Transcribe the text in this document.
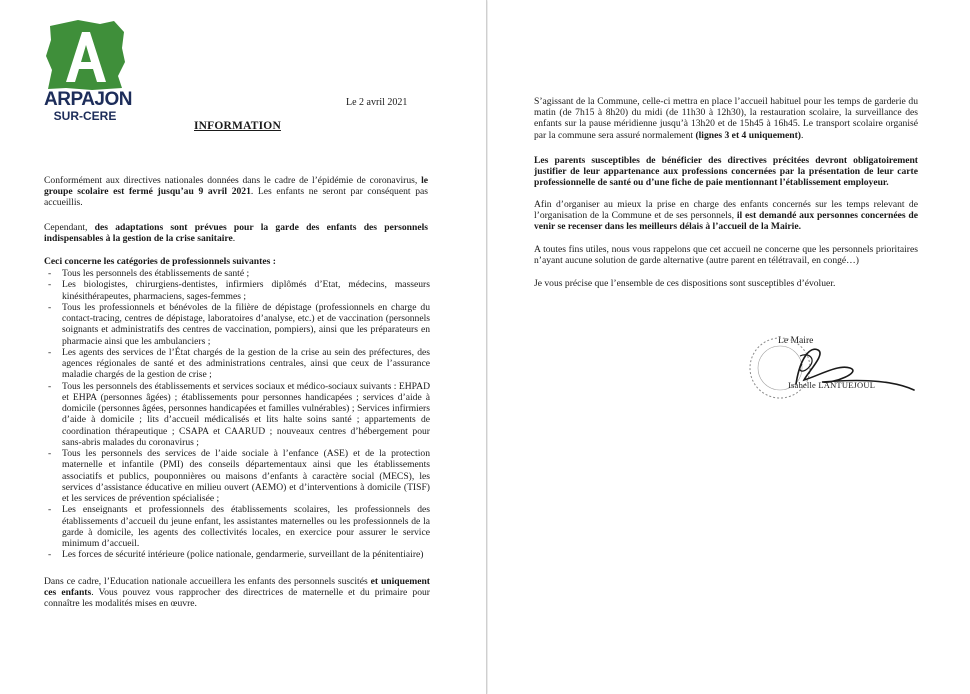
ARPAJON
SUR-CERE
Le 2 avril 2021
INFORMATION
Conformément aux directives nationales données dans le cadre de l’épidémie de coronavirus, le groupe scolaire est fermé jusqu’au 9 avril 2021. Les enfants ne seront par conséquent pas accueillis.
Cependant, des adaptations sont prévues pour la garde des enfants des personnels indispensables à la gestion de la crise sanitaire.
Ceci concerne les catégories de professionnels suivantes :
- Tous les personnels des établissements de santé ;
- Les biologistes, chirurgiens-dentistes, infirmiers diplômés d’Etat, médecins, masseurs kinésithérapeutes, pharmaciens, sages-femmes ;
- Tous les professionnels et bénévoles de la filière de dépistage (professionnels en charge du contact-tracing, centres de dépistage, laboratoires d’analyse, etc.) et de vaccination (personnels soignants et administratifs des centres de vaccination, pompiers), ainsi que les préparateurs en pharmacie ainsi que les ambulanciers ;
- Les agents des services de l’État chargés de la gestion de la crise au sein des préfectures, des agences régionales de santé et des administrations centrales, ainsi que ceux de l’assurance maladie chargés de la gestion de crise ;
- Tous les personnels des établissements et services sociaux et médico-sociaux suivants : EHPAD et EHPA (personnes âgées) ; établissements pour personnes handicapées ; services d’aide à domicile (personnes âgées, personnes handicapées et familles vulnérables) ; Services infirmiers d’aide à domicile ; lits d’accueil médicalisés et lits halte soins santé ; appartements de coordination thérapeutique ; CSAPA et CAARUD ; nouveaux centres d’hébergement pour sans-abris malades du coronavirus ;
- Tous les personnels des services de l’aide sociale à l’enfance (ASE) et de la protection maternelle et infantile (PMI) des conseils départementaux ainsi que les établissements associatifs et publics, pouponnières ou maisons d’enfants à caractère social (MECS), les services d’assistance éducative en milieu ouvert (AEMO) et d’interventions à domicile (TISF) et les services de prévention spécialisée ;
- Les enseignants et professionnels des établissements scolaires, les professionnels des établissements d’accueil du jeune enfant, les assistantes maternelles ou les professionnels de la garde à domicile, les agents des collectivités locales, en exercice pour assurer le service minimum d’accueil.
- Les forces de sécurité intérieure (police nationale, gendarmerie, surveillant de la pénitentiaire)
Dans ce cadre, l’Education nationale accueillera les enfants des personnels suscités et uniquement ces enfants. Vous pouvez vous rapprocher des directrices de maternelle et du primaire pour connaître les modalités mises en œuvre.
S’agissant de la Commune, celle-ci mettra en place l’accueil habituel pour les temps de garderie du matin (de 7h15 à 8h20) du midi (de 11h30 à 12h30), la restauration scolaire, la surveillance des enfants sur la pause méridienne jusqu’à 13h20 et de 15h45 à 16h45. Le transport scolaire organisé par la commune sera assuré normalement (lignes 3 et 4 uniquement).
Les parents susceptibles de bénéficier des directives précitées devront obligatoirement justifier de leur appartenance aux professions concernées par la présentation de leur carte professionnelle de santé ou d’une fiche de paie mentionnant l’établissement employeur.
Afin d’organiser au mieux la prise en charge des enfants concernés sur les temps relevant de l’organisation de la Commune et de ses personnels, il est demandé aux personnes concernées de venir se recenser dans les meilleurs délais à l’accueil de la Mairie.
A toutes fins utiles, nous vous rappelons que cet accueil ne concerne que les personnels prioritaires n’ayant aucune solution de garde alternative (autre parent en télétravail, en congé…)
Je vous précise que l’ensemble de ces dispositions sont susceptibles d’évoluer.
Le Maire
Isabelle LANTUEJOUL
